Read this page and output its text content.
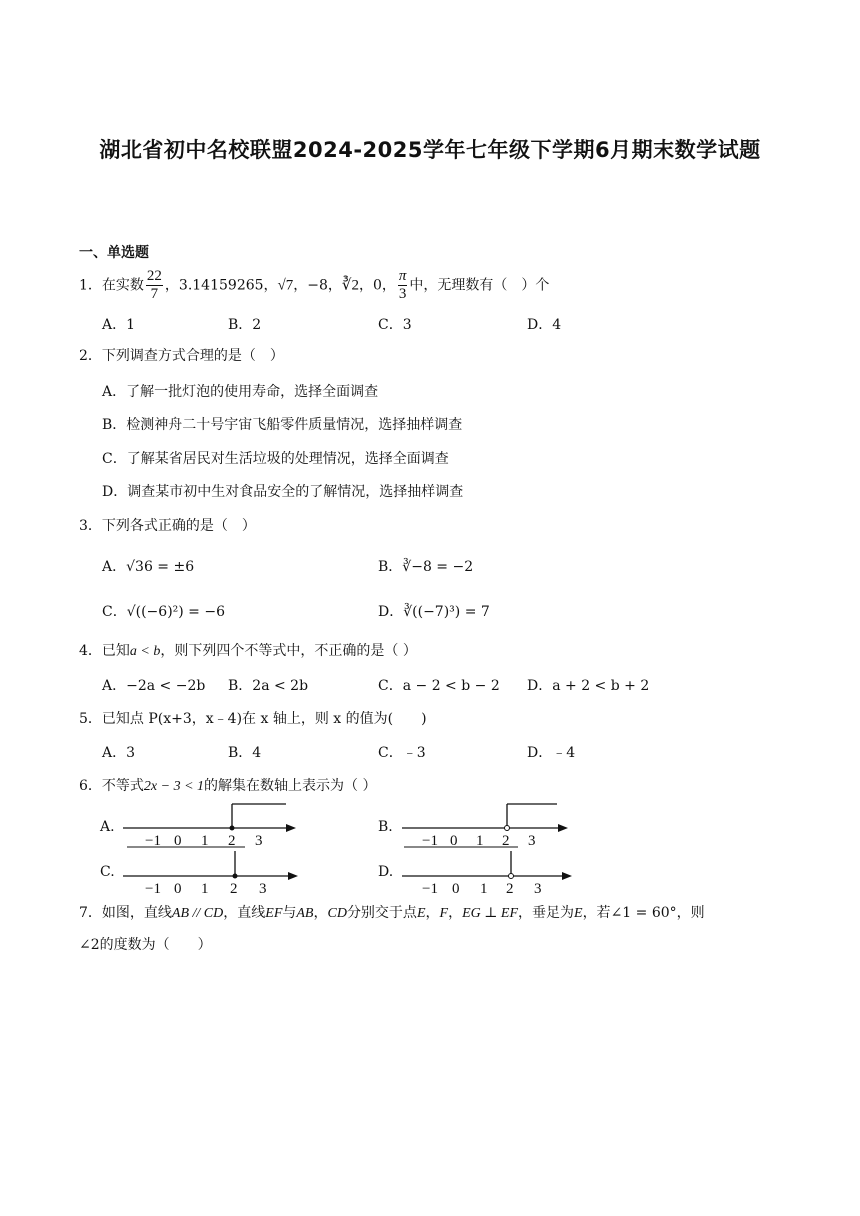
湖北省初中名校联盟2024-2025学年七年级下学期6月期末数学试题
一、单选题
1．在实数 $\frac{22}{7}$ ，3.14159265，√7，−8，∛2，0， $\frac{\pi}{3}$ 中，无理数有（　）个
A．1	B．2	C．3	D．4
2．下列调查方式合理的是（　）
A．了解一批灯泡的使用寿命，选择全面调查
B．检测神舟二十号宇宙飞船零件质量情况，选择抽样调查
C．了解某省居民对生活垃圾的处理情况，选择全面调查
D．调查某市初中生对食品安全的了解情况，选择抽样调查
3．下列各式正确的是（　）
A．√36 = ±6	B．∛−8 = −2
C．√((−6)²) = −6	D．∛((−7)³) = 7
4．已知a < b，则下列四个不等式中，不正确的是（ ）
A．−2a < −2b B．2a < 2b	C．a − 2 < b − 2 D．a + 2 < b + 2
5．已知点 P(x+3，x﹣4)在 x 轴上，则 x 的值为(　　)
A．3	B．4	C．﹣3	D．﹣4
6．不等式2x − 3 < 1的解集在数轴上表示为（ ）
A.	B.
C.	D.
−1 0 1 2 3	−1 0 1 2 3
−1 0 1 2 3	−1 0 1 2 3
7．如图，直线AB // CD，直线EF与AB，CD分别交于点E，F，EG ⊥ EF，垂足为E，若∠1 = 60°，则
∠2的度数为（　　）
